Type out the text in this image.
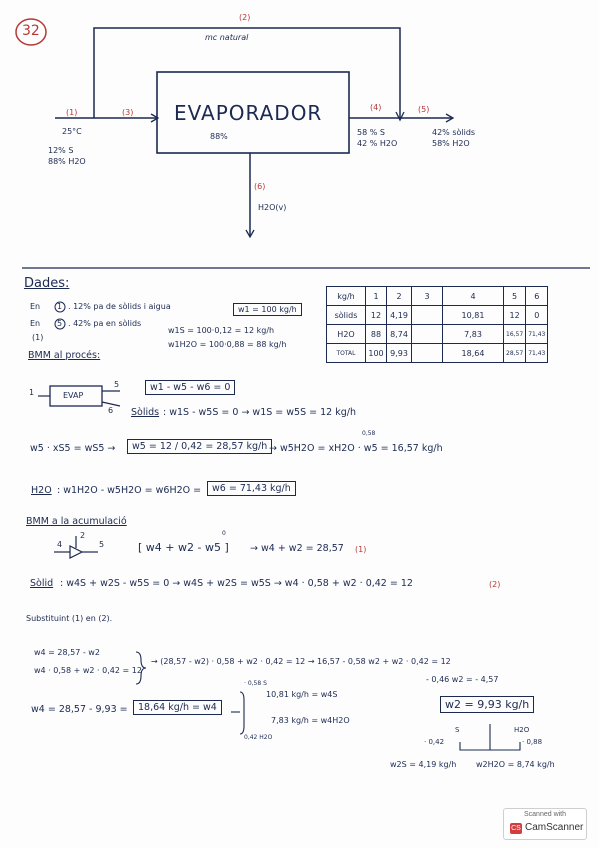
32
EVAPORADOR
88%
(2)
mc natural
(1)	(3)
(4)	(5)
(6)
25°C
12% S
88% H2O
58 % S
42 % H2O
42% sòlids
58% H2O
H2O(v)
Dades:
En 1 . 12% pa de sòlids i aigua
En 5 . 42% pa en sòlids
(1)
w1 = 100 kg/h
w1S = 100·0,12 = 12 kg/h
w1H2O = 100·0,88 = 88 kg/h
kg/h	1	2	3	4	5	6
sòlids	12	4,19		10,81	12	0
H2O	88	8,74		7,83	16,57	71,43
TOTAL	100	9,93		18,64	28,57	71,43
BMM al procés:
1	EVAP
5
6
w1 - w5 - w6 = 0
Sòlids : w1S - w5S = 0 → w1S = w5S = 12 kg/h
w5 · xS5 = wS5 →	w5 = 12 / 0,42 = 28,57 kg/h
0,58
→ w5H2O = xH2O · w5 = 16,57 kg/h
H2O : w1H2O - w5H2O = w6H2O =	w6 = 71,43 kg/h
BMM a la acumulació
4
2
5	[ w4 + w2 - w5 ]
0
→ w4 + w2 = 28,57 (1)
Sòlid : w4S + w2S - w5S = 0 → w4S + w2S = w5S → w4 · 0,58 + w2 · 0,42 = 12	(2)
Substituint (1) en (2).
w4 = 28,57 - w2
w4 · 0,58 + w2 · 0,42 = 12
→ (28,57 - w2) · 0,58 + w2 · 0,42 = 12 → 16,57 - 0,58 w2 + w2 · 0,42 = 12
- 0,46 w2 = - 4,57
w4 = 28,57 - 9,93 =	18,64 kg/h = w4
· 0,58 S
10,81 kg/h = w4S
7,83 kg/h = w4H2O
0,42 H2O
w2 = 9,93 kg/h
S	H2O
· 0,42	· 0,88
w2S = 4,19 kg/h w2H2O = 8,74 kg/h
Scanned with
CS CamScanner
